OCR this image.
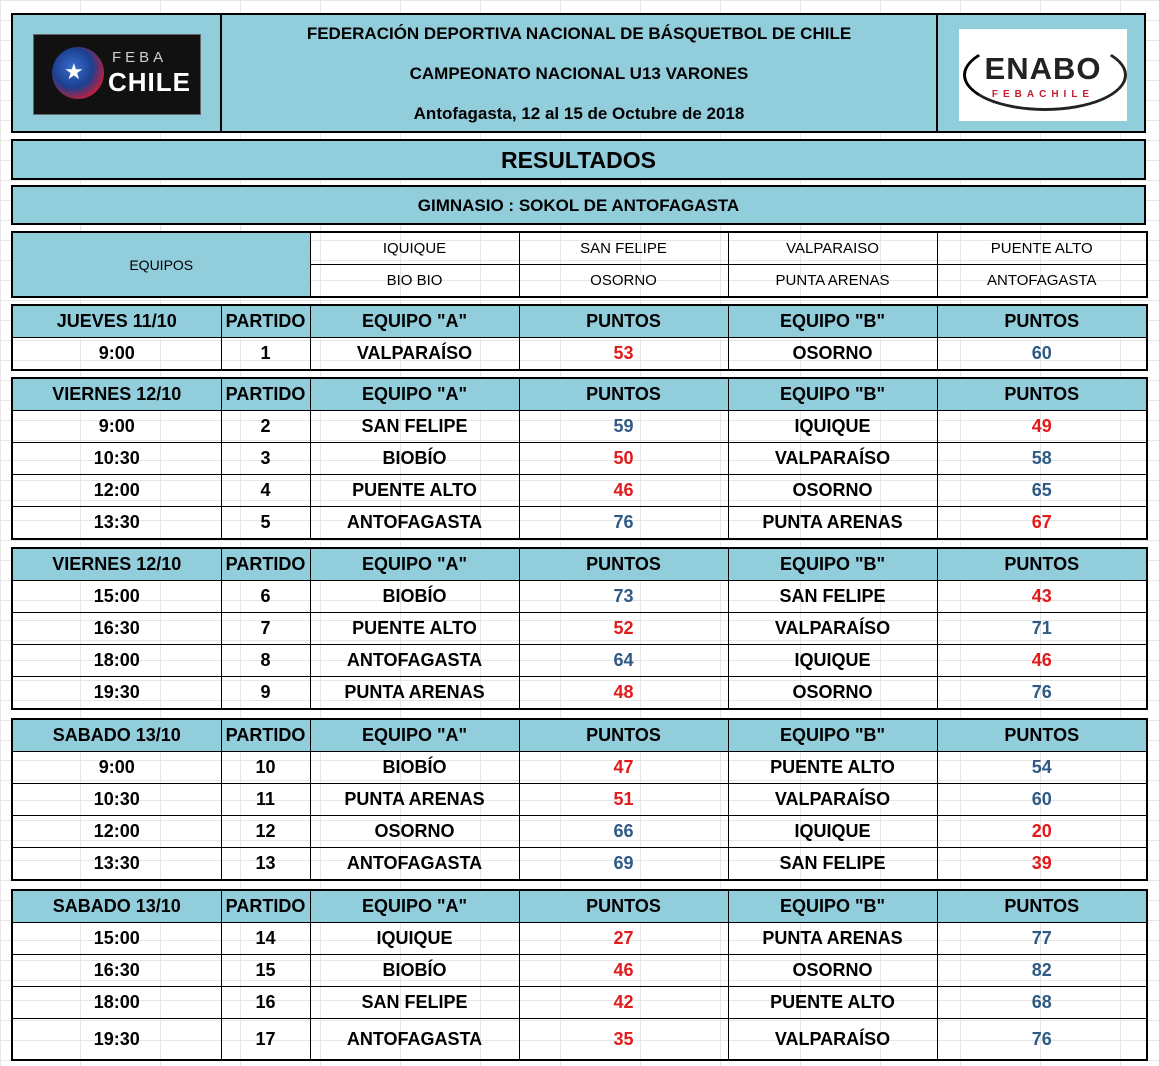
★
FEBA
CHILE
FEDERACIÓN DEPORTIVA NACIONAL DE BÁSQUETBOL DE CHILE
CAMPEONATO NACIONAL U13 VARONES
Antofagasta, 12 al 15 de Octubre de 2018
ENABO
FEBACHILE
RESULTADOS
GIMNASIO : SOKOL DE ANTOFAGASTA
EQUIPOS	IQUIQUE	SAN FELIPE	VALPARAISO	PUENTE ALTO
	BIO BIO	OSORNO	PUNTA ARENAS	ANTOFAGASTA
JUEVES 11/10	PARTIDO	EQUIPO "A"	PUNTOS	EQUIPO "B"	PUNTOS
9:00	1	VALPARAÍSO	53	OSORNO	60
VIERNES 12/10	PARTIDO	EQUIPO "A"	PUNTOS	EQUIPO "B"	PUNTOS
9:00	2	SAN FELIPE	59	IQUIQUE	49
10:30	3	BIOBÍO	50	VALPARAÍSO	58
12:00	4	PUENTE ALTO	46	OSORNO	65
13:30	5	ANTOFAGASTA	76	PUNTA ARENAS	67
VIERNES 12/10	PARTIDO	EQUIPO "A"	PUNTOS	EQUIPO "B"	PUNTOS
15:00	6	BIOBÍO	73	SAN FELIPE	43
16:30	7	PUENTE ALTO	52	VALPARAÍSO	71
18:00	8	ANTOFAGASTA	64	IQUIQUE	46
19:30	9	PUNTA ARENAS	48	OSORNO	76
SABADO 13/10	PARTIDO	EQUIPO "A"	PUNTOS	EQUIPO "B"	PUNTOS
9:00	10	BIOBÍO	47	PUENTE ALTO	54
10:30	11	PUNTA ARENAS	51	VALPARAÍSO	60
12:00	12	OSORNO	66	IQUIQUE	20
13:30	13	ANTOFAGASTA	69	SAN FELIPE	39
SABADO 13/10	PARTIDO	EQUIPO "A"	PUNTOS	EQUIPO "B"	PUNTOS
15:00	14	IQUIQUE	27	PUNTA ARENAS	77
16:30	15	BIOBÍO	46	OSORNO	82
18:00	16	SAN FELIPE	42	PUENTE ALTO	68
19:30	17	ANTOFAGASTA	35	VALPARAÍSO	76
